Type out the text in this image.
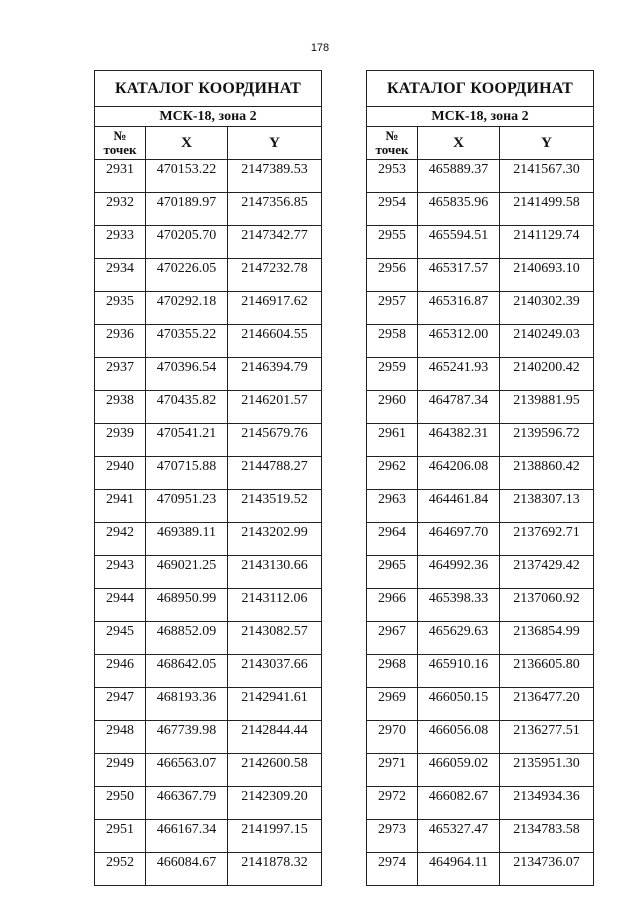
178
КАТАЛОГ КООРДИНАТ		
МСК-18, зона 2		

№
точек	X	Y
2931	470153.22	2147389.53
2932	470189.97	2147356.85
2933	470205.70	2147342.77
2934	470226.05	2147232.78
2935	470292.18	2146917.62
2936	470355.22	2146604.55
2937	470396.54	2146394.79
2938	470435.82	2146201.57
2939	470541.21	2145679.76
2940	470715.88	2144788.27
2941	470951.23	2143519.52
2942	469389.11	2143202.99
2943	469021.25	2143130.66
2944	468950.99	2143112.06
2945	468852.09	2143082.57
2946	468642.05	2143037.66
2947	468193.36	2142941.61
2948	467739.98	2142844.44
2949	466563.07	2142600.58
2950	466367.79	2142309.20
2951	466167.34	2141997.15
2952	466084.67	2141878.32
КАТАЛОГ КООРДИНАТ		
МСК-18, зона 2		

№
точек	X	Y
2953	465889.37	2141567.30
2954	465835.96	2141499.58
2955	465594.51	2141129.74
2956	465317.57	2140693.10
2957	465316.87	2140302.39
2958	465312.00	2140249.03
2959	465241.93	2140200.42
2960	464787.34	2139881.95
2961	464382.31	2139596.72
2962	464206.08	2138860.42
2963	464461.84	2138307.13
2964	464697.70	2137692.71
2965	464992.36	2137429.42
2966	465398.33	2137060.92
2967	465629.63	2136854.99
2968	465910.16	2136605.80
2969	466050.15	2136477.20
2970	466056.08	2136277.51
2971	466059.02	2135951.30
2972	466082.67	2134934.36
2973	465327.47	2134783.58
2974	464964.11	2134736.07
